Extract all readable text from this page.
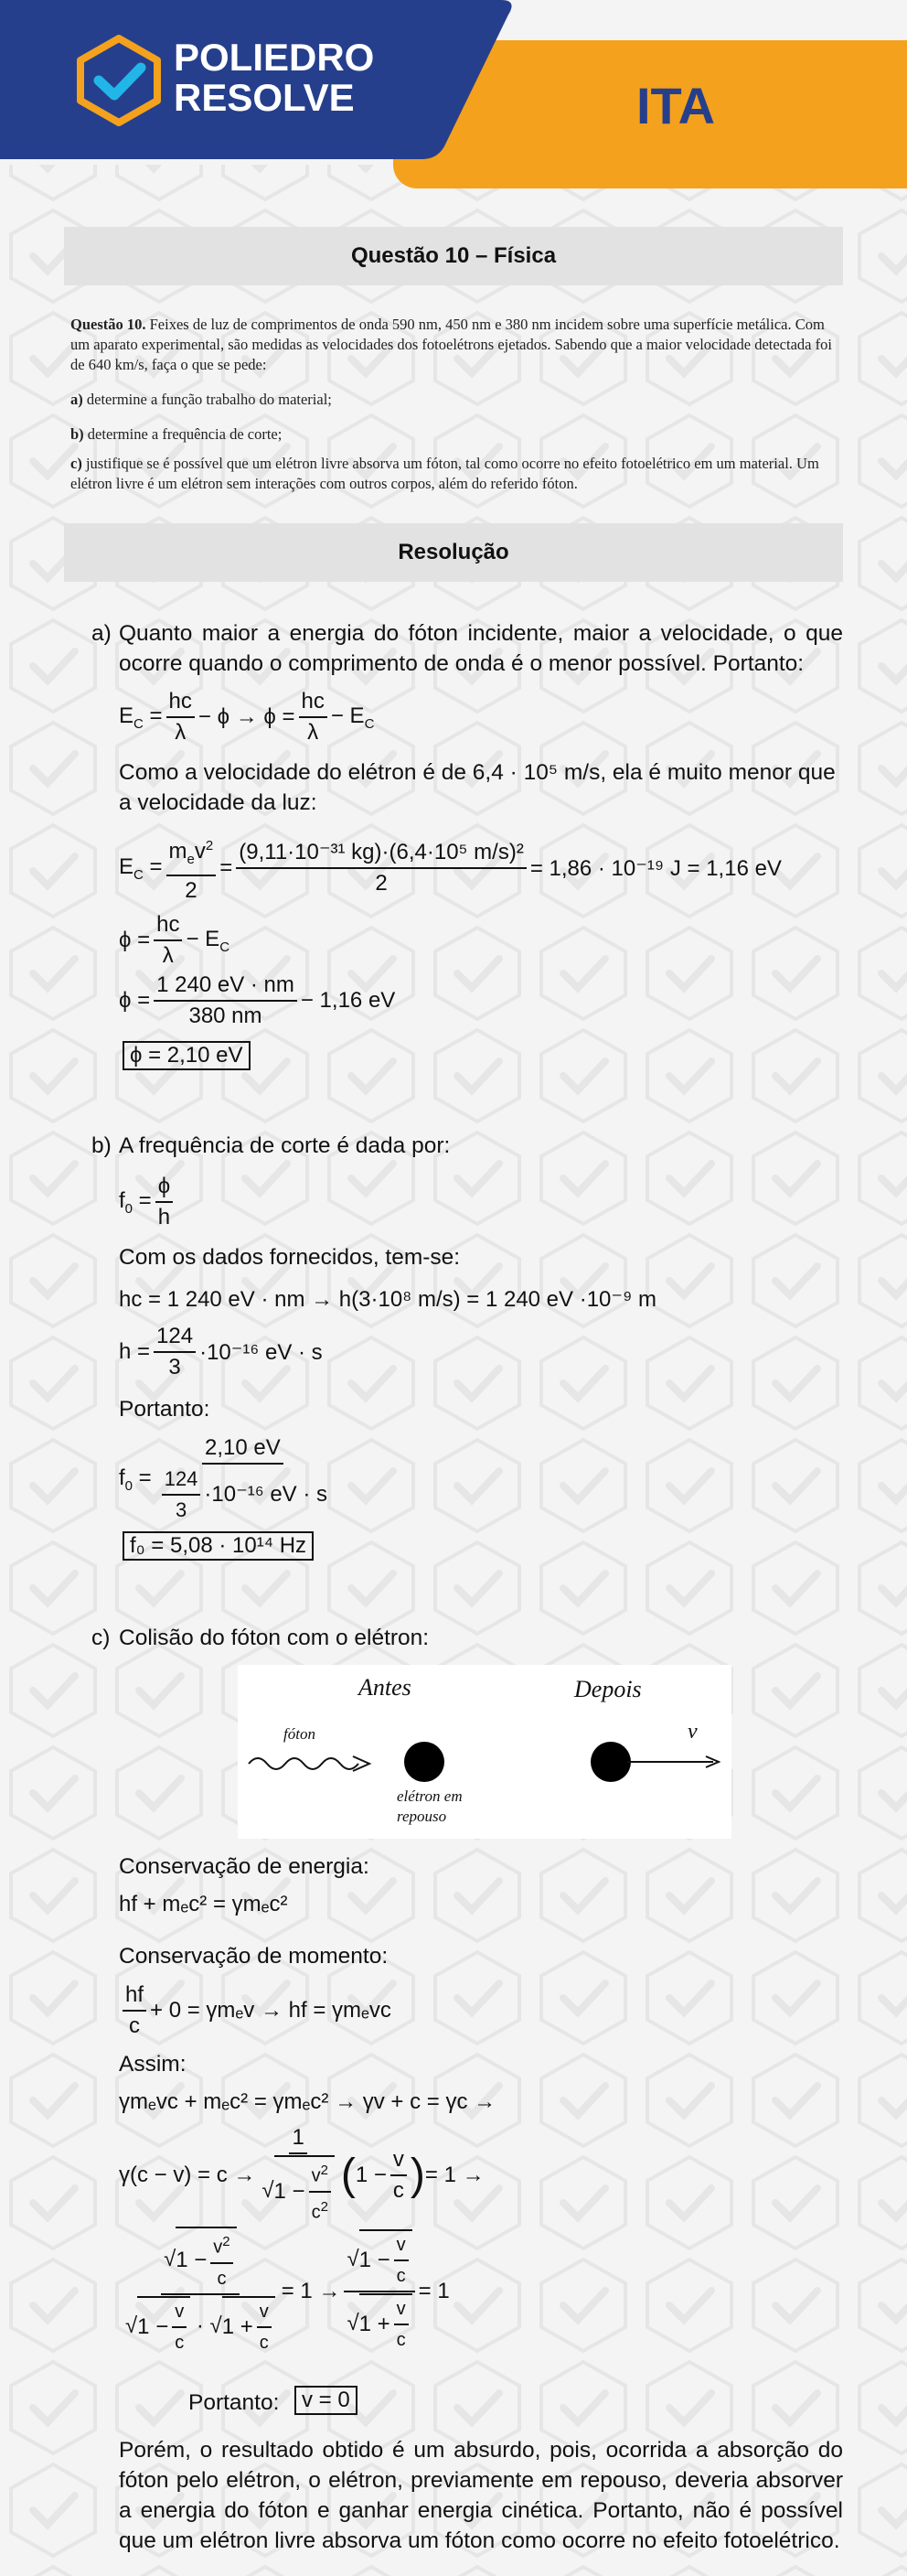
POLIEDRO
RESOLVE	ITA
Questão 10 – Física
Questão 10. Feixes de luz de comprimentos de onda 590 nm, 450 nm e 380 nm incidem sobre uma superfície metálica. Com um aparato experimental, são medidas as velocidades dos fotoelétrons ejetados. Sabendo que a maior velocidade detectada foi de 640 km/s, faça o que se pede:
a) determine a função trabalho do material;
b) determine a frequência de corte;
c) justifique se é possível que um elétron livre absorva um fóton, tal como ocorre no efeito fotoelétrico em um material. Um elétron livre é um elétron sem interações com outros corpos, além do referido fóton.
Resolução
a) Quanto maior a energia do fóton incidente, maior a velocidade, o que ocorre quando o comprimento de onda é o menor possível. Portanto:
$E_C = \frac{hc}{\lambda} - \phi \to \phi = \frac{hc}{\lambda} - E_C$
Como a velocidade do elétron é de 6,4 · 10⁵ m/s, ela é muito menor que a velocidade da luz:
$E_C = \frac{m_ev^2}{2} = \frac{\text{(9,11·10⁻³¹ kg)·(6,4·10⁵ m/s)²}}{2} = 1,86 \cdot 10^{-19}$ J = 1,16 eV
$\phi = \frac{hc}{\lambda} - E_C$
$\phi = \frac{1 240 eV \cdot nm}{380 nm} - 1,16$ eV
ϕ = 2,10 eV
b) A frequência de corte é dada por:
$f_0 = \frac{\phi}{h}$
Com os dados fornecidos, tem-se:
hc = 1 240 eV · nm → h(3·10⁸ m/s) = 1 240 eV ·10⁻⁹ m
$h = \frac{124}{3} \cdot 10^{-16}$ eV · s
Portanto:
$f_0 = \frac{2,10 eV}{\frac{124}{3} \cdot 10^{-16} eV \cdot s}$
f₀ = 5,08 · 10¹⁴ Hz
c) Colisão do fóton com o elétron:
Antes	Depois
fóton
elétron em
repouso
v
Conservação de energia:
hf + mₑc² = γmₑc²
Conservação de momento:
$\frac{hf}{c} + 0 = \gamma m_ev$ → hf = γmₑvc
Assim:
γmₑvc + mₑc² = γmₑc² → γv + c = γc →
$\gamma(c - v) = c \to \frac{1}{√ 1 - \frac{v^2}{c^2}}$ ( $1 - \frac{v}{c}$ ) = 1 →
$\frac{√ 1 - \frac{v^2}{c}}{√ 1 - \frac{v}{c} \cdot √ 1 + \frac{v}{c}} = 1 \to \frac{√ 1 - \frac{v}{c}}{√ 1 + \frac{v}{c}} = 1$
Portanto:	v = 0
Porém, o resultado obtido é um absurdo, pois, ocorrida a absorção do fóton pelo elétron, o elétron, previamente em repouso, deveria absorver a energia do fóton e ganhar energia cinética. Portanto, não é possível que um elétron livre absorva um fóton como ocorre no efeito fotoelétrico.
